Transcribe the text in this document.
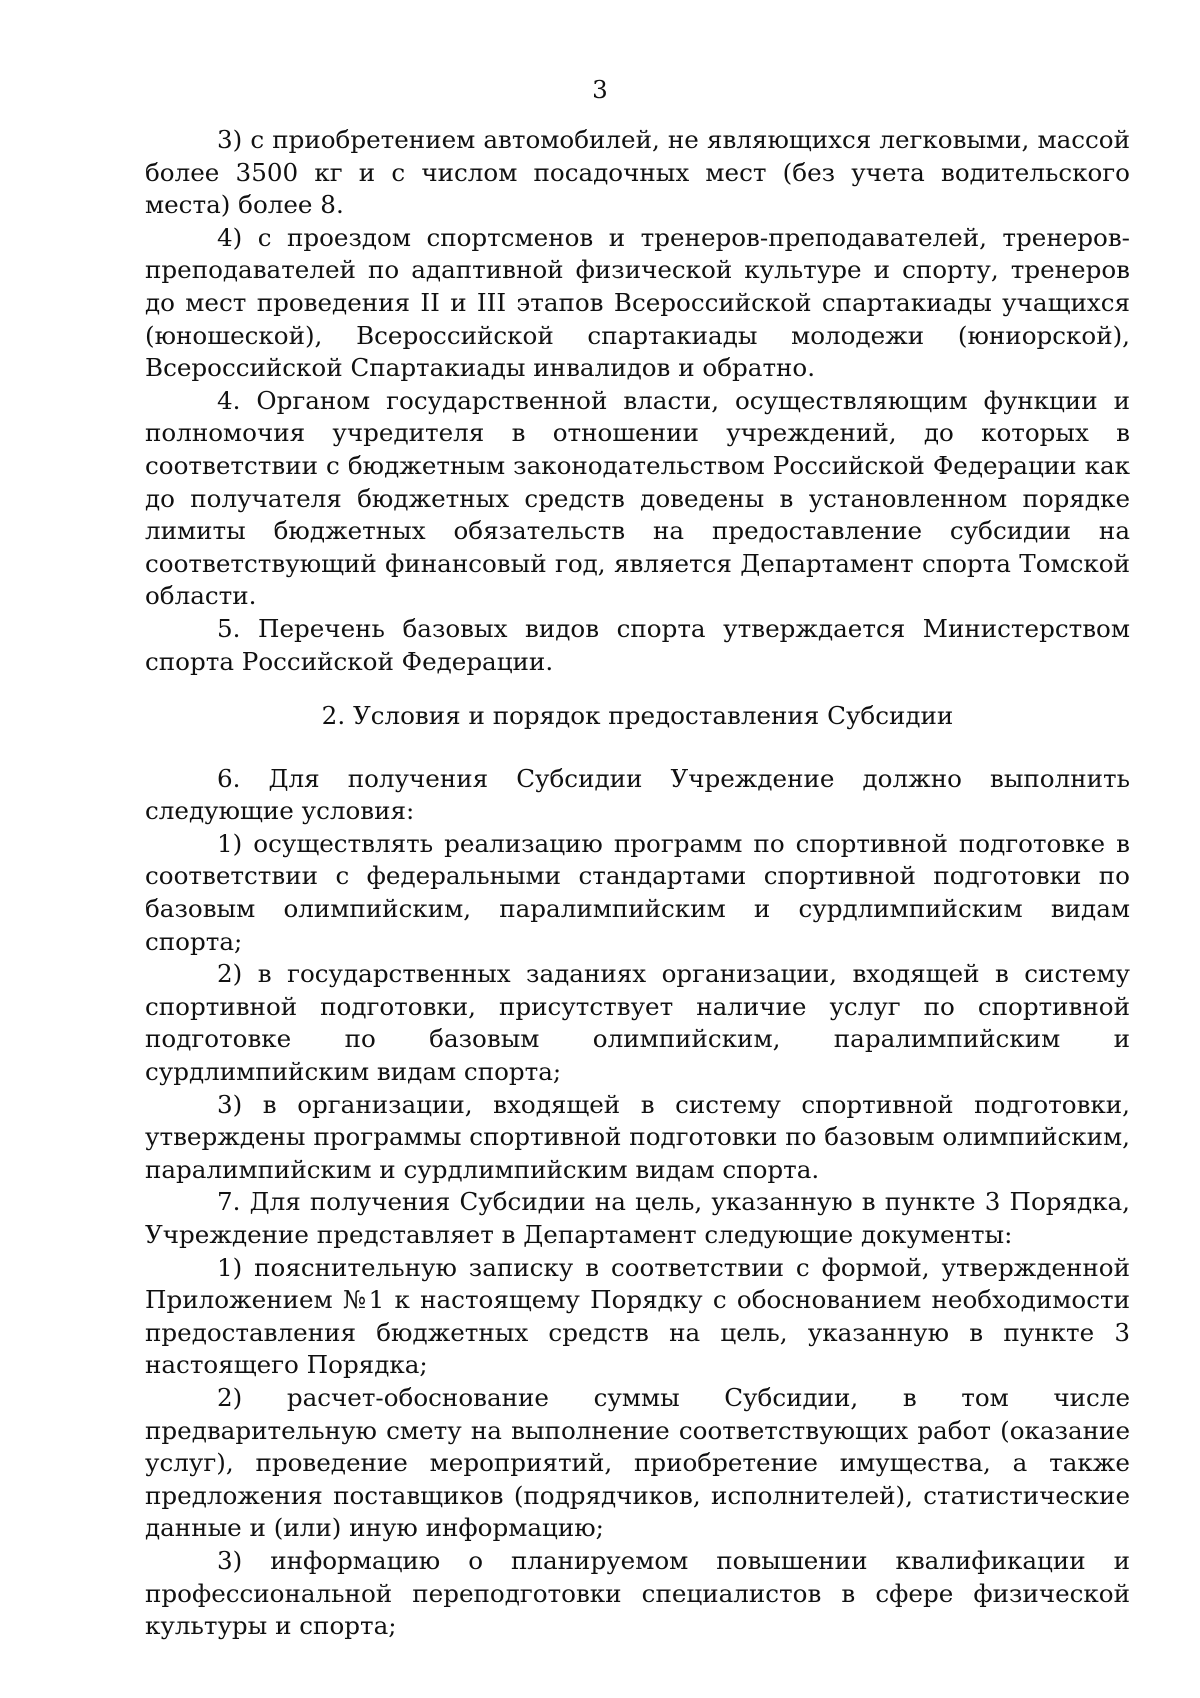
3

3) с приобретением автомобилей, не являющихся легковыми, массой более 3500 кг и с числом посадочных мест (без учета водительского места) более 8.

4) с проездом спортсменов и тренеров-преподавателей, тренеров-преподавателей по адаптивной физической культуре и спорту, тренеров до мест проведения II и III этапов Всероссийской спартакиады учащихся (юношеской), Всероссийской спартакиады молодежи (юниорской), Всероссийской Спартакиады инвалидов и обратно.

4. Органом государственной власти, осуществляющим функции и полномочия учредителя в отношении учреждений, до которых в соответствии с бюджетным законодательством Российской Федерации как до получателя бюджетных средств доведены в установленном порядке лимиты бюджетных обязательств на предоставление субсидии на соответствующий финансовый год, является Департамент спорта Томской области.

5. Перечень базовых видов спорта утверждается Министерством спорта Российской Федерации.

2. Условия и порядок предоставления Субсидии

6. Для получения Субсидии Учреждение должно выполнить следующие условия:

1) осуществлять реализацию программ по спортивной подготовке в соответствии с федеральными стандартами спортивной подготовки по базовым олимпийским, паралимпийским и сурдлимпийским видам спорта;

2) в государственных заданиях организации, входящей в систему спортивной подготовки, присутствует наличие услуг по спортивной подготовке по базовым олимпийским, паралимпийским и сурдлимпийским видам спорта;

3) в организации, входящей в систему спортивной подготовки, утверждены программы спортивной подготовки по базовым олимпийским, паралимпийским и сурдлимпийским видам спорта.

7. Для получения Субсидии на цель, указанную в пункте 3 Порядка, Учреждение представляет в Департамент следующие документы:

1) пояснительную записку в соответствии с формой, утвержденной Приложением №1 к настоящему Порядку с обоснованием необходимости предоставления бюджетных средств на цель, указанную в пункте 3 настоящего Порядка;

2) расчет-обоснование суммы Субсидии, в том числе предварительную смету на выполнение соответствующих работ (оказание услуг), проведение мероприятий, приобретение имущества, а также предложения поставщиков (подрядчиков, исполнителей), статистические данные и (или) иную информацию;

3) информацию о планируемом повышении квалификации и профессиональной переподготовки специалистов в сфере физической культуры и спорта;
